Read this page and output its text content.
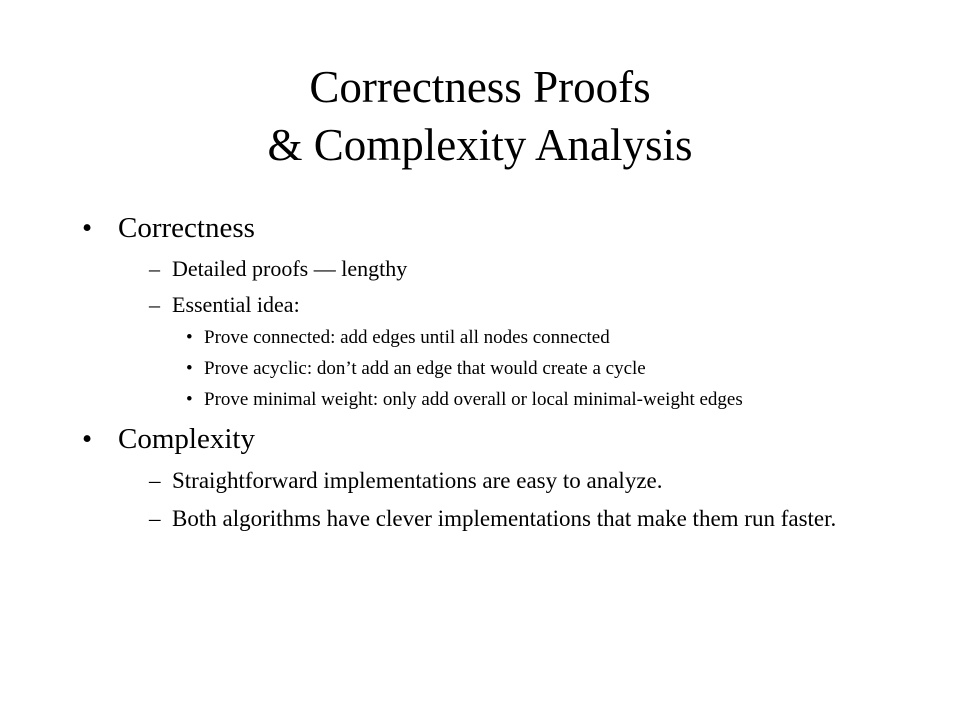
Correctness Proofs
& Complexity Analysis
• Correctness
– Detailed proofs — lengthy
– Essential idea:
• Prove connected: add edges until all nodes connected
• Prove acyclic: don’t add an edge that would create a cycle
• Prove minimal weight: only add overall or local minimal-weight edges
• Complexity
– Straightforward implementations are easy to analyze.
– Both algorithms have clever implementations that make them run faster.
